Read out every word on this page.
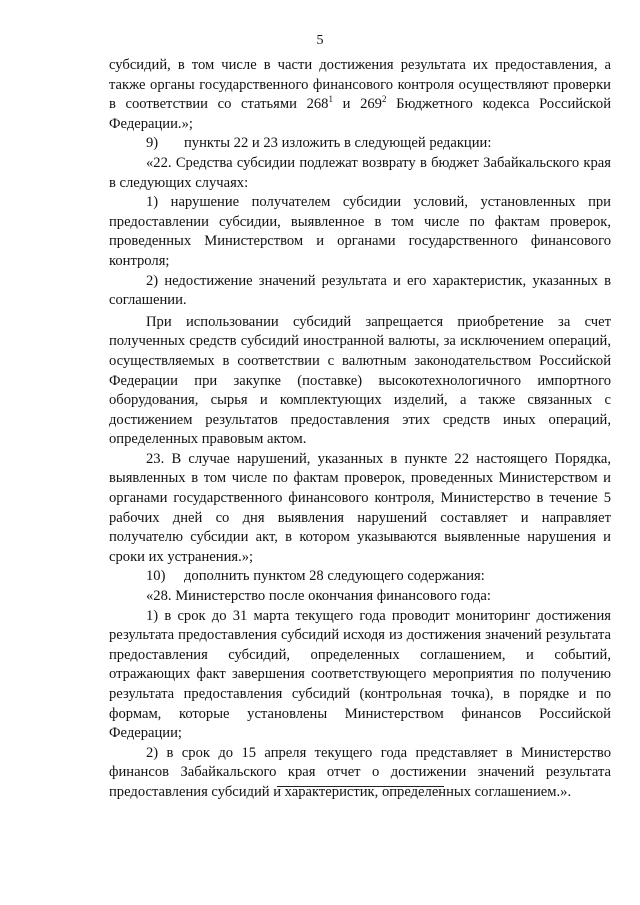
5

субсидий, в том числе в части достижения результата их предоставления, а также органы государственного финансового контроля осуществляют проверки в соответствии со статьями $268^1$ и $269^2$ Бюджетного кодекса Российской Федерации.»;

9) пункты 22 и 23 изложить в следующей редакции:

«22. Средства субсидии подлежат возврату в бюджет Забайкальского края в следующих случаях:

1) нарушение получателем субсидии условий, установленных при предоставлении субсидии, выявленное в том числе по фактам проверок, проведенных Министерством и органами государственного финансового контроля;

2) недостижение значений результата и его характеристик, указанных в соглашении.

При использовании субсидий запрещается приобретение за счет полученных средств субсидий иностранной валюты, за исключением операций, осуществляемых в соответствии с валютным законодательством Российской Федерации при закупке (поставке) высокотехнологичного импортного оборудования, сырья и комплектующих изделий, а также связанных с достижением результатов предоставления этих средств иных операций, определенных правовым актом.

23. В случае нарушений, указанных в пункте 22 настоящего Порядка, выявленных в том числе по фактам проверок, проведенных Министерством и органами государственного финансового контроля, Министерство в течение 5 рабочих дней со дня выявления нарушений составляет и направляет получателю субсидии акт, в котором указываются выявленные нарушения и сроки их устранения.»;

10) дополнить пунктом 28 следующего содержания:

«28. Министерство после окончания финансового года:

1) в срок до 31 марта текущего года проводит мониторинг достижения результата предоставления субсидий исходя из достижения значений результата предоставления субсидий, определенных соглашением, и событий, отражающих факт завершения соответствующего мероприятия по получению результата предоставления субсидий (контрольная точка), в порядке и по формам, которые установлены Министерством финансов Российской Федерации;

2) в срок до 15 апреля текущего года представляет в Министерство финансов Забайкальского края отчет о достижении значений результата предоставления субсидий и характеристик, определенных соглашением.».
